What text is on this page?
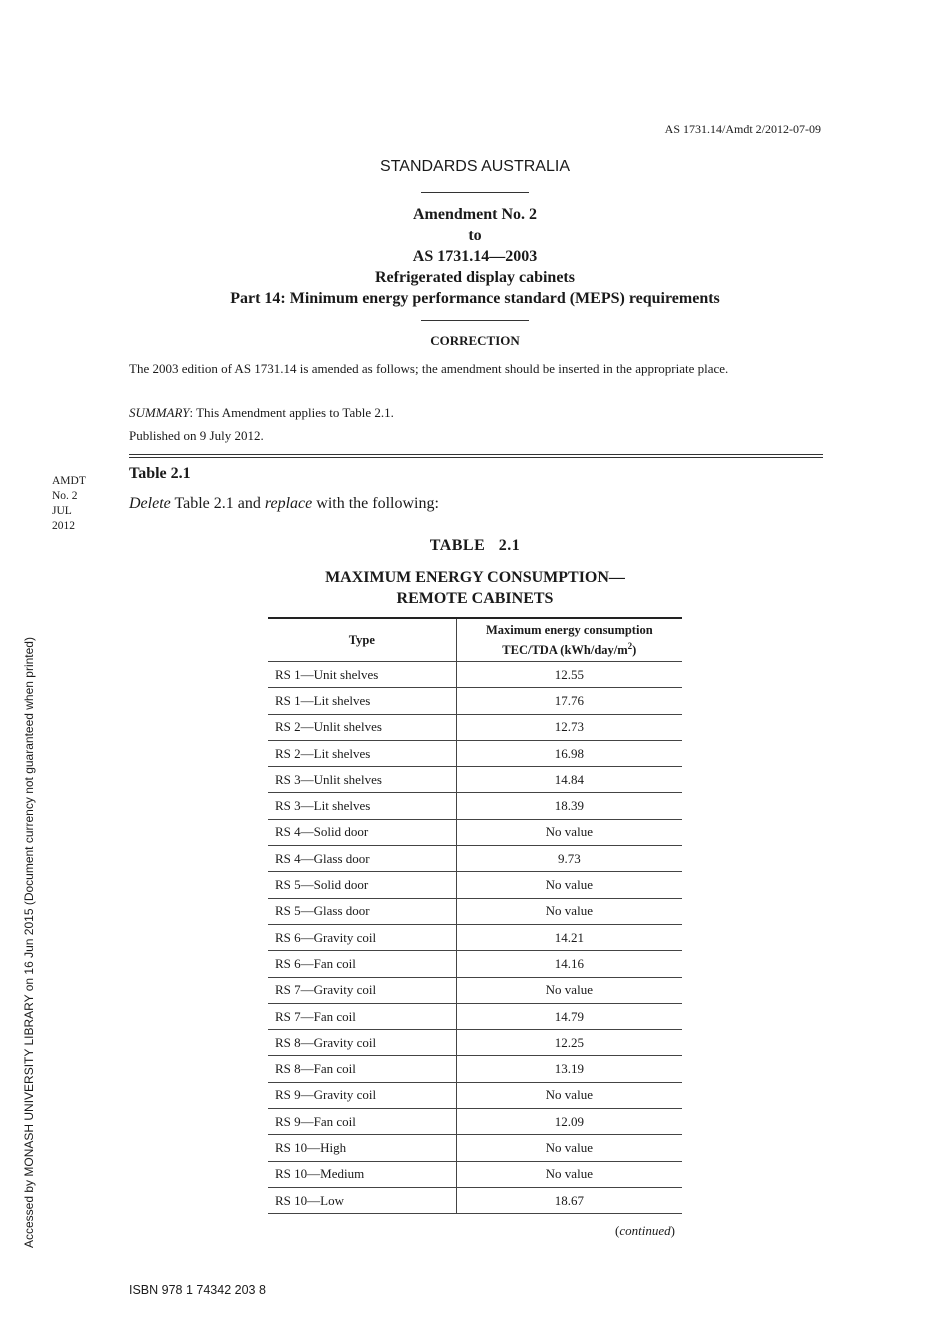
AS 1731.14/Amdt 2/2012-07-09
STANDARDS AUSTRALIA
Amendment No. 2
to
AS 1731.14—2003
Refrigerated display cabinets
Part 14: Minimum energy performance standard (MEPS) requirements
CORRECTION
The 2003 edition of AS 1731.14 is amended as follows; the amendment should be inserted in the appropriate place.
SUMMARY: This Amendment applies to Table 2.1.
Published on 9 July 2012.
AMDT
No. 2
JUL
2012
Table 2.1
Delete Table 2.1 and replace with the following:
TABLE   2.1
MAXIMUM ENERGY CONSUMPTION—
REMOTE CABINETS
Type	Maximum energy consumption
TEC/TDA $(kWh/day/m^2)$

RS 1—Unit shelves	12.55
RS 1—Lit shelves	17.76
RS 2—Unlit shelves	12.73
RS 2—Lit shelves	16.98
RS 3—Unlit shelves	14.84
RS 3—Lit shelves	18.39
RS 4—Solid door	No value
RS 4—Glass door	9.73
RS 5—Solid door	No value
RS 5—Glass door	No value
RS 6—Gravity coil	14.21
RS 6—Fan coil	14.16
RS 7—Gravity coil	No value
RS 7—Fan coil	14.79
RS 8—Gravity coil	12.25
RS 8—Fan coil	13.19
RS 9—Gravity coil	No value
RS 9—Fan coil	12.09
RS 10—High	No value
RS 10—Medium	No value
RS 10—Low	18.67
(continued)
Accessed by MONASH UNIVERSITY LIBRARY on 16 Jun 2015 (Document currency not guaranteed when printed)
ISBN 978 1 74342 203 8
